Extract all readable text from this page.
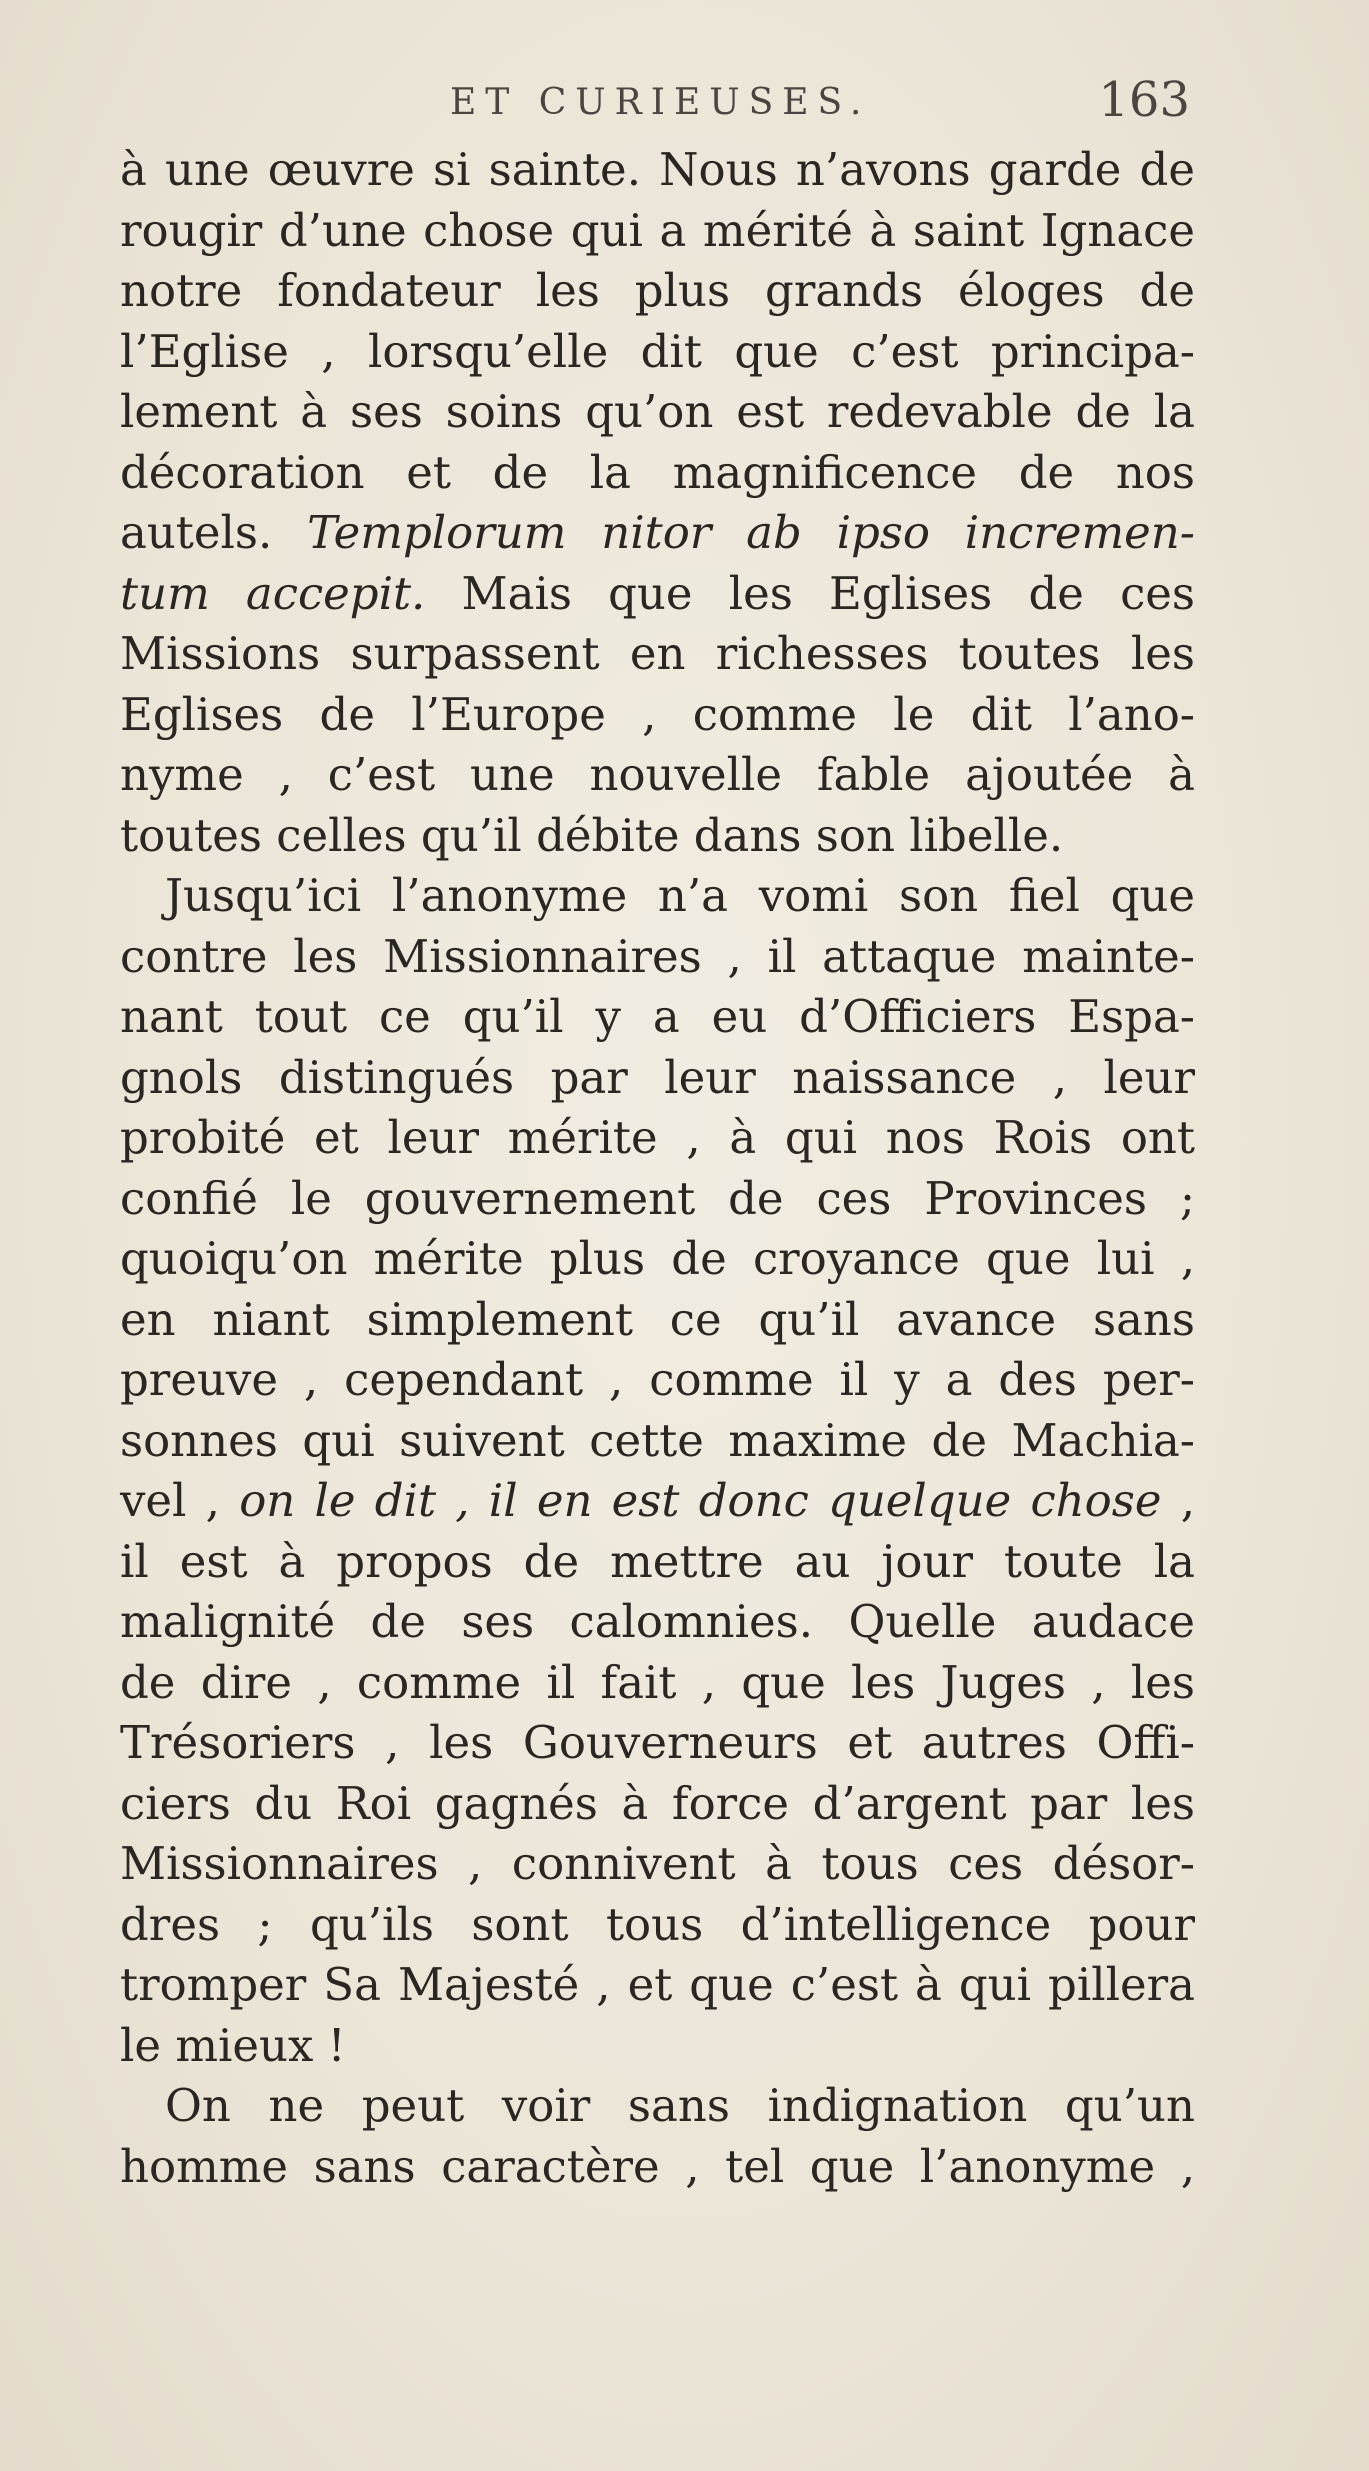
ET CURIEUSES.	163
à une œuvre si sainte. Nous n’avons garde de
rougir d’une chose qui a mérité à saint Ignace
notre fondateur les plus grands éloges de
l’Eglise , lorsqu’elle dit que c’est principa-
lement à ses soins qu’on est redevable de la
décoration et de la magnificence de nos
autels. Templorum nitor ab ipso incremen-
tum accepit. Mais que les Eglises de ces
Missions surpassent en richesses toutes les
Eglises de l’Europe , comme le dit l’ano-
nyme , c’est une nouvelle fable ajoutée à
toutes celles qu’il débite dans son libelle.
Jusqu’ici l’anonyme n’a vomi son fiel que
contre les Missionnaires , il attaque mainte-
nant tout ce qu’il y a eu d’Officiers Espa-
gnols distingués par leur naissance , leur
probité et leur mérite , à qui nos Rois ont
confié le gouvernement de ces Provinces ;
quoiqu’on mérite plus de croyance que lui ,
en niant simplement ce qu’il avance sans
preuve , cependant , comme il y a des per-
sonnes qui suivent cette maxime de Machia-
vel , on le dit , il en est donc quelque chose ,
il est à propos de mettre au jour toute la
malignité de ses calomnies. Quelle audace
de dire , comme il fait , que les Juges , les
Trésoriers , les Gouverneurs et autres Offi-
ciers du Roi gagnés à force d’argent par les
Missionnaires , connivent à tous ces désor-
dres ; qu’ils sont tous d’intelligence pour
tromper Sa Majesté , et que c’est à qui pillera
le mieux !
On ne peut voir sans indignation qu’un
homme sans caractère , tel que l’anonyme ,
